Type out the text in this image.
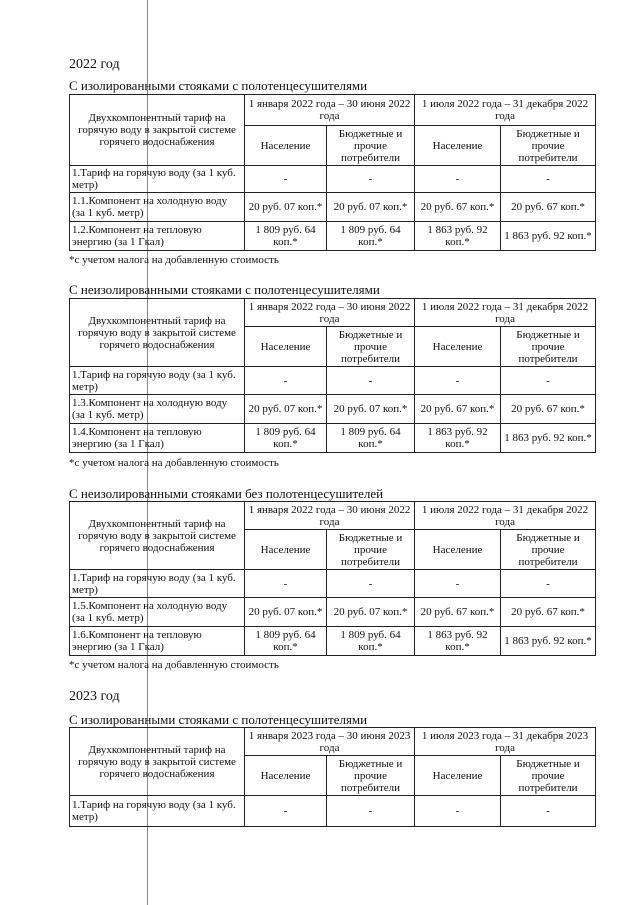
2022 год
С изолированными стояками с полотенцесушителями
Двухкомпонентный тариф на горячую воду в закрытой системе горячего водоснабжения	1 января 2022 года – 30 июня 2022 года		1 июля 2022 года – 31 декабря 2022 года	
	Население	Бюджетные и прочие потребители	Население	Бюджетные и прочие потребители
1.Тариф на горячую воду (за 1 куб. метр)	-	-	-	-
1.1.Компонент на холодную воду (за 1 куб. метр)	20 руб. 07 коп.*	20 руб. 07 коп.*	20 руб. 67 коп.*	20 руб. 67 коп.*
1.2.Компонент на тепловую энергию (за 1 Гкал)	1 809 руб. 64 коп.*	1 809 руб. 64 коп.*	1 863 руб. 92 коп.*	1 863 руб. 92 коп.*
*с учетом налога на добавленную стоимость
С неизолированными стояками с полотенцесушителями
Двухкомпонентный тариф на горячую воду в закрытой системе горячего водоснабжения	1 января 2022 года – 30 июня 2022 года		1 июля 2022 года – 31 декабря 2022 года	
	Население	Бюджетные и прочие потребители	Население	Бюджетные и прочие потребители
1.Тариф на горячую воду (за 1 куб. метр)	-	-	-	-
1.3.Компонент на холодную воду (за 1 куб. метр)	20 руб. 07 коп.*	20 руб. 07 коп.*	20 руб. 67 коп.*	20 руб. 67 коп.*
1.4.Компонент на тепловую энергию (за 1 Гкал)	1 809 руб. 64 коп.*	1 809 руб. 64 коп.*	1 863 руб. 92 коп.*	1 863 руб. 92 коп.*
*с учетом налога на добавленную стоимость
С неизолированными стояками без полотенцесушителей
Двухкомпонентный тариф на горячую воду в закрытой системе горячего водоснабжения	1 января 2022 года – 30 июня 2022 года		1 июля 2022 года – 31 декабря 2022 года	
	Население	Бюджетные и прочие потребители	Население	Бюджетные и прочие потребители
1.Тариф на горячую воду (за 1 куб. метр)	-	-	-	-
1.5.Компонент на холодную воду (за 1 куб. метр)	20 руб. 07 коп.*	20 руб. 07 коп.*	20 руб. 67 коп.*	20 руб. 67 коп.*
1.6.Компонент на тепловую энергию (за 1 Гкал)	1 809 руб. 64 коп.*	1 809 руб. 64 коп.*	1 863 руб. 92 коп.*	1 863 руб. 92 коп.*
*с учетом налога на добавленную стоимость
2023 год
С изолированными стояками с полотенцесушителями
Двухкомпонентный тариф на горячую воду в закрытой системе горячего водоснабжения	1 января 2023 года – 30 июня 2023 года		1 июля 2023 года – 31 декабря 2023 года	
	Население	Бюджетные и прочие потребители	Население	Бюджетные и прочие потребители
1.Тариф на горячую воду (за 1 куб. метр)	-	-	-	-
